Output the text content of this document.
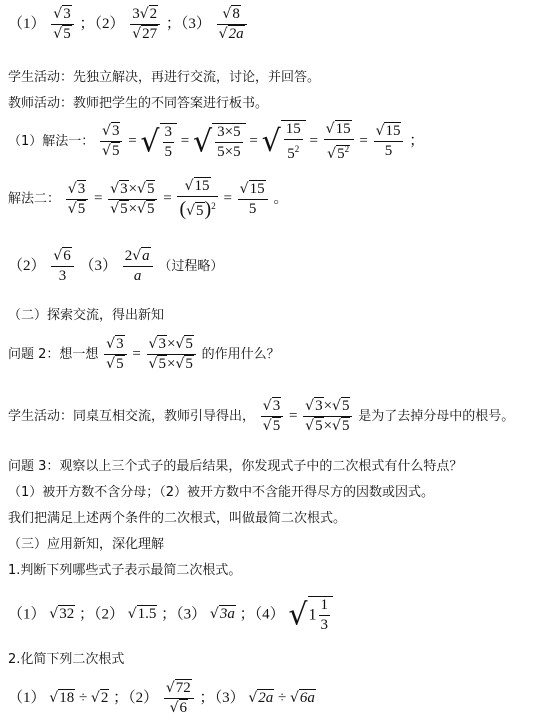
$(1) \frac{√3}{√5}$ ；$(2) \frac{3√2}{√27}$ ；$(3) \frac{√8}{√2a}$
学生活动：先独立解决，再进行交流，讨论，并回答。
教师活动：教师把学生的不同答案进行板书。
（1）解法一： $\frac{√3}{√5}$ = √ $\frac{3}{5}$ = √ $\frac{3\times 5}{5\times 5}$ = √ $\frac{15}{5^2} = \frac{√15}{√5^2} = \frac{√15}{5}$ ；
解法二： $\frac{√3}{√5} = \frac{√3\times√5}{√5\times√5} = \frac{√15}{(√5)^2} = \frac{√15}{5}$ 。
$(2) \frac{√6}{3} (3) \frac{2√a}{a}$ （过程略）
（二）探索交流，得出新知
问题 2：想一想 $\frac{√3}{√5} = \frac{√3\times√5}{√5\times√5}$ 的作用什么？
学生活动：同桌互相交流，教师引导得出， $\frac{√3}{√5} = \frac{√3\times√5}{√5\times√5}$ 是为了去掉分母中的根号。
问题 3：观察以上三个式子的最后结果，你发现式子中的二次根式有什么特点？
（1）被开方数不含分母；（2）被开方数中不含能开得尽方的因数或因式。
我们把满足上述两个条件的二次根式，叫做最简二次根式。
（三）应用新知，深化理解
1.判断下列哪些式子表示最简二次根式。
（1） √32 ；（2） √1.5 ；（3） √3a ；（4） $√1 \frac{1}{3}$
2.化简下列二次根式
（1） √18 ÷ √2 ；$(2) \frac{√72}{√6}$ ；（3） √2a ÷ √6a
